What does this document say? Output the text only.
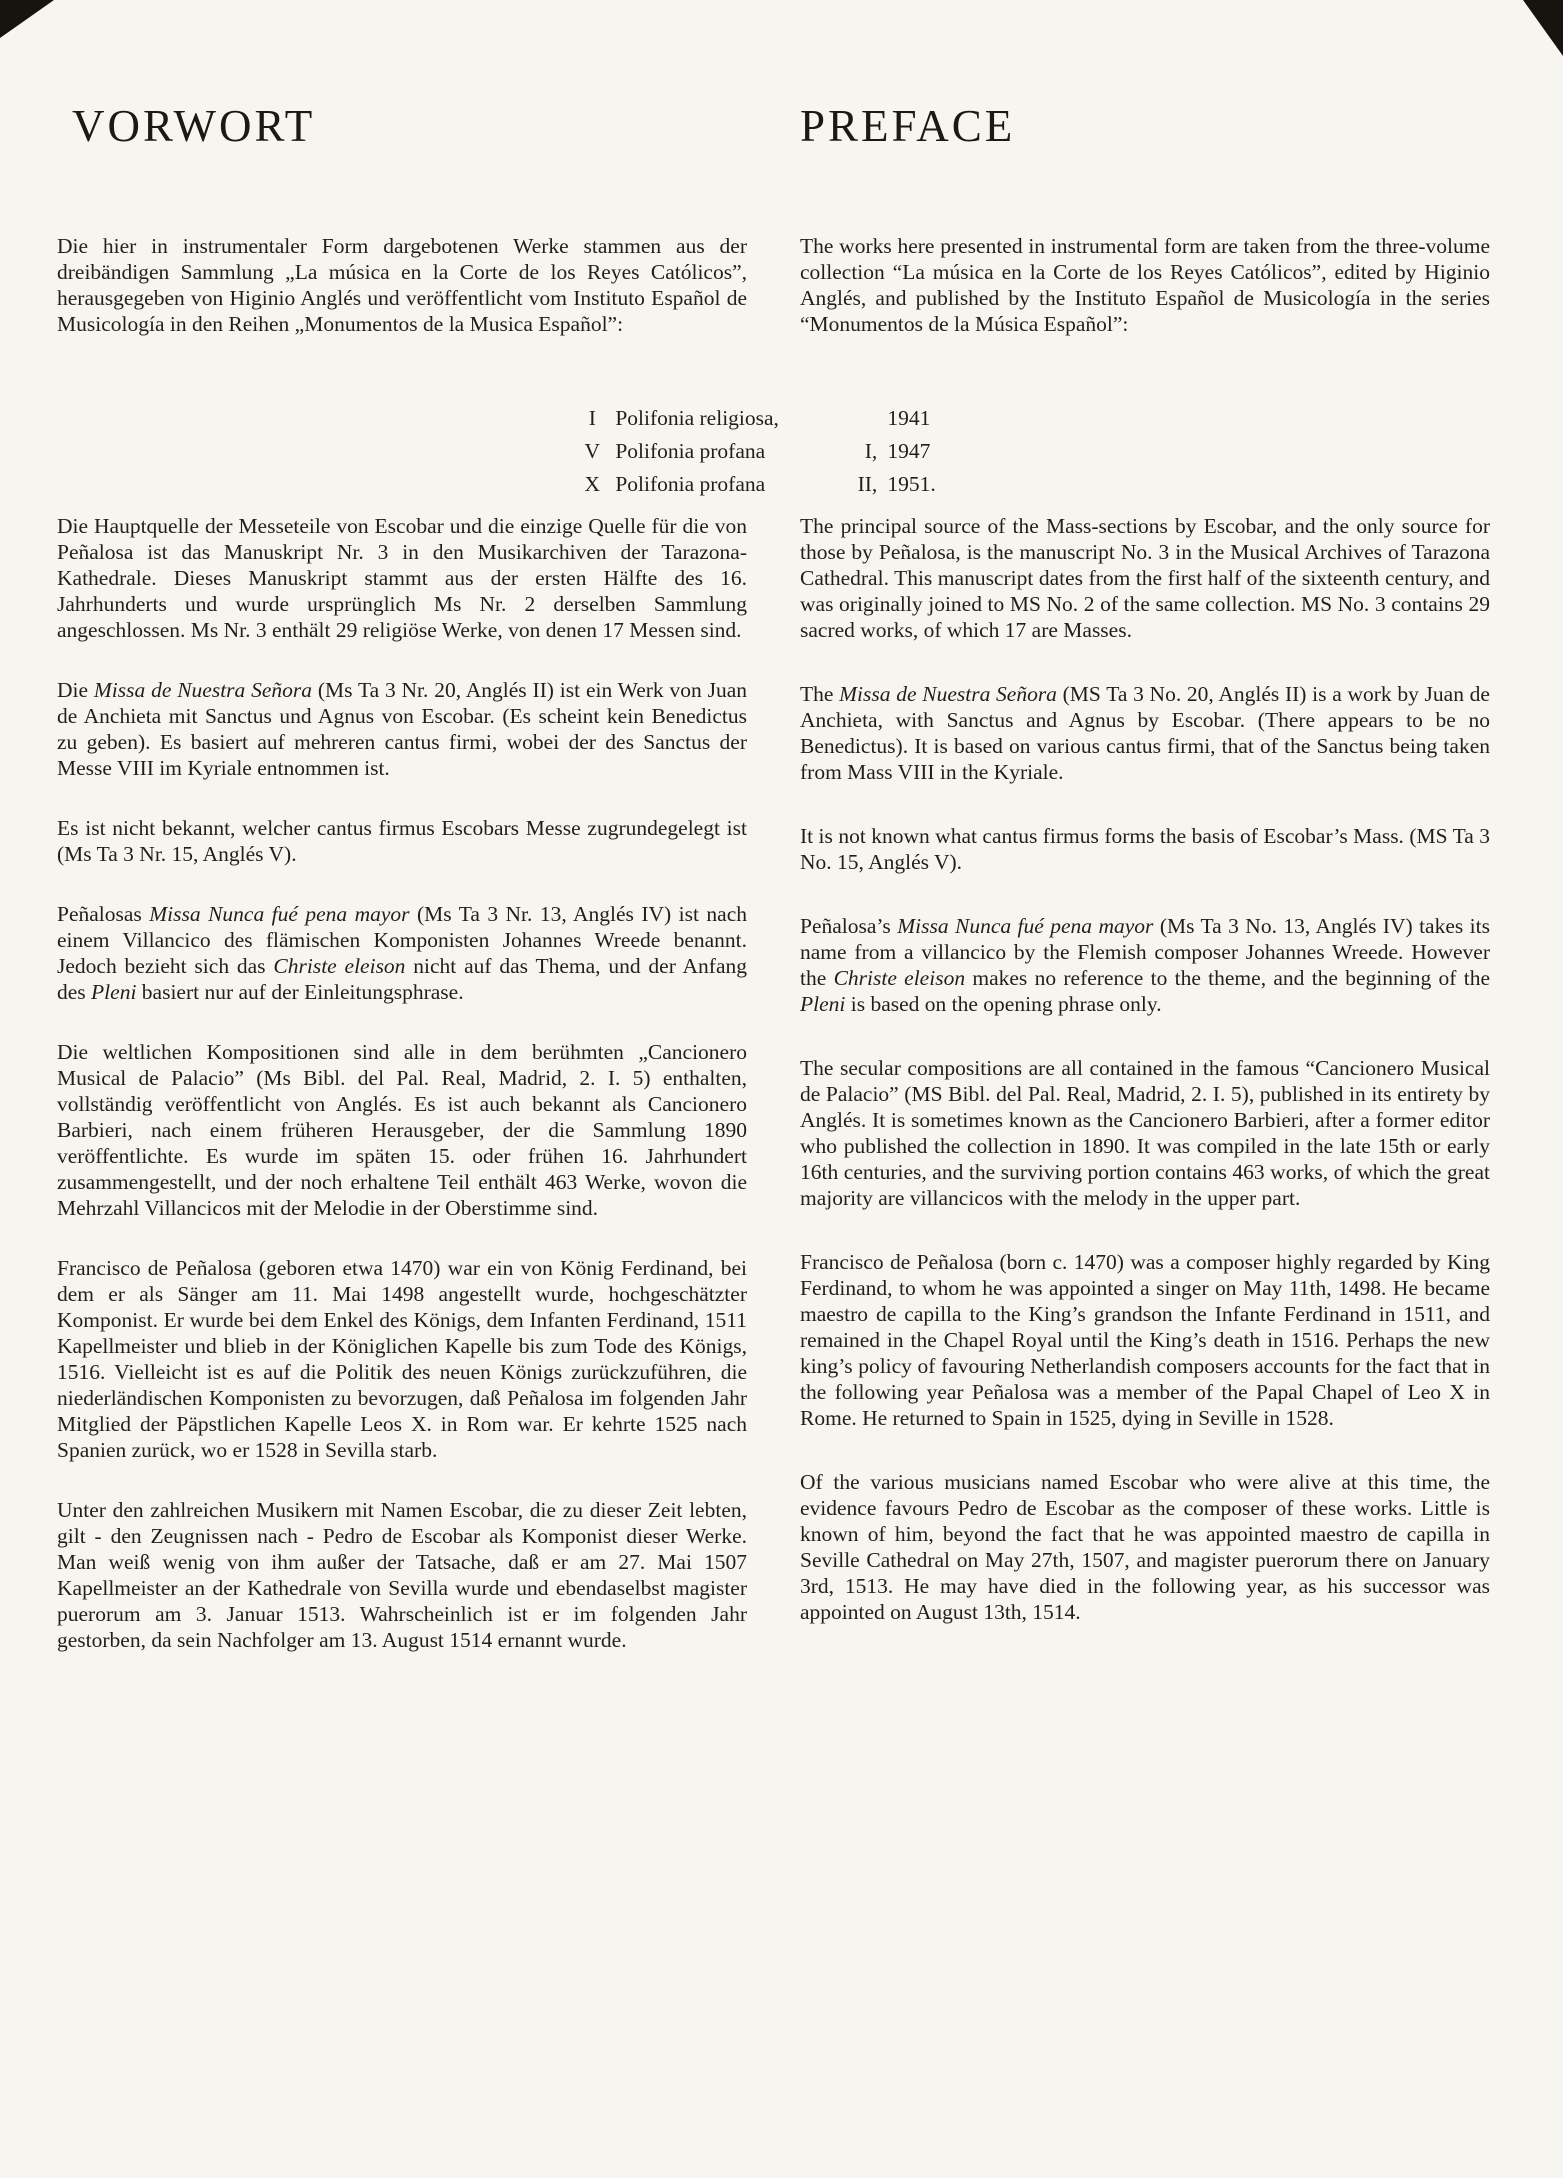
VORWORT	PREFACE

Die hier in instrumentaler Form dargebotenen Werke stammen aus der dreibändigen Sammlung „La música en la Corte de los Reyes Católicos”, herausgegeben von Higinio Anglés und veröffentlicht vom Instituto Español de Musicología in den Reihen „Monumentos de la Musica Español”:

The works here presented in instrumental form are taken from the three-volume collection “La música en la Corte de los Reyes Católicos”, edited by Higinio Anglés, and published by the Instituto Español de Musicología in the series “Monumentos de la Música Español”:

I Polifonia religiosa,	1941
V Polifonia profana	I, 1947
X Polifonia profana	II, 1951.

Die Hauptquelle der Messeteile von Escobar und die einzige Quelle für die von Peñalosa ist das Manuskript Nr. 3 in den Musikarchiven der Tarazona-Kathedrale. Dieses Manuskript stammt aus der ersten Hälfte des 16. Jahrhunderts und wurde ursprünglich Ms Nr. 2 derselben Sammlung angeschlossen. Ms Nr. 3 enthält 29 religiöse Werke, von denen 17 Messen sind.

Die Missa de Nuestra Señora (Ms Ta 3 Nr. 20, Anglés II) ist ein Werk von Juan de Anchieta mit Sanctus und Agnus von Escobar. (Es scheint kein Benedictus zu geben). Es basiert auf mehreren cantus firmi, wobei der des Sanctus der Messe VIII im Kyriale entnommen ist.

Es ist nicht bekannt, welcher cantus firmus Escobars Messe zugrundegelegt ist (Ms Ta 3 Nr. 15, Anglés V).

Peñalosas Missa Nunca fué pena mayor (Ms Ta 3 Nr. 13, Anglés IV) ist nach einem Villancico des flämischen Komponisten Johannes Wreede benannt. Jedoch bezieht sich das Christe eleison nicht auf das Thema, und der Anfang des Pleni basiert nur auf der Einleitungsphrase.

Die weltlichen Kompositionen sind alle in dem berühmten „Cancionero Musical de Palacio” (Ms Bibl. del Pal. Real, Madrid, 2. I. 5) enthalten, vollständig veröffentlicht von Anglés. Es ist auch bekannt als Cancionero Barbieri, nach einem früheren Herausgeber, der die Sammlung 1890 veröffentlichte. Es wurde im späten 15. oder frühen 16. Jahrhundert zusammengestellt, und der noch erhaltene Teil enthält 463 Werke, wovon die Mehrzahl Villancicos mit der Melodie in der Oberstimme sind.

Francisco de Peñalosa (geboren etwa 1470) war ein von König Ferdinand, bei dem er als Sänger am 11. Mai 1498 angestellt wurde, hochgeschätzter Komponist. Er wurde bei dem Enkel des Königs, dem Infanten Ferdinand, 1511 Kapellmeister und blieb in der Königlichen Kapelle bis zum Tode des Königs, 1516. Vielleicht ist es auf die Politik des neuen Königs zurückzuführen, die niederländischen Komponisten zu bevorzugen, daß Peñalosa im folgenden Jahr Mitglied der Päpstlichen Kapelle Leos X. in Rom war. Er kehrte 1525 nach Spanien zurück, wo er 1528 in Sevilla starb.

Unter den zahlreichen Musikern mit Namen Escobar, die zu dieser Zeit lebten, gilt - den Zeugnissen nach - Pedro de Escobar als Komponist dieser Werke. Man weiß wenig von ihm außer der Tatsache, daß er am 27. Mai 1507 Kapellmeister an der Kathedrale von Sevilla wurde und ebendaselbst magister puerorum am 3. Januar 1513. Wahrscheinlich ist er im folgenden Jahr gestorben, da sein Nachfolger am 13. August 1514 ernannt wurde.

The principal source of the Mass-sections by Escobar, and the only source for those by Peñalosa, is the manuscript No. 3 in the Musical Archives of Tarazona Cathedral. This manuscript dates from the first half of the sixteenth century, and was originally joined to MS No. 2 of the same collection. MS No. 3 contains 29 sacred works, of which 17 are Masses.

The Missa de Nuestra Señora (MS Ta 3 No. 20, Anglés II) is a work by Juan de Anchieta, with Sanctus and Agnus by Escobar. (There appears to be no Benedictus). It is based on various cantus firmi, that of the Sanctus being taken from Mass VIII in the Kyriale.

It is not known what cantus firmus forms the basis of Escobar’s Mass. (MS Ta 3 No. 15, Anglés V).

Peñalosa’s Missa Nunca fué pena mayor (Ms Ta 3 No. 13, Anglés IV) takes its name from a villancico by the Flemish composer Johannes Wreede. However the Christe eleison makes no reference to the theme, and the beginning of the Pleni is based on the opening phrase only.

The secular compositions are all contained in the famous “Cancionero Musical de Palacio” (MS Bibl. del Pal. Real, Madrid, 2. I. 5), published in its entirety by Anglés. It is sometimes known as the Cancionero Barbieri, after a former editor who published the collection in 1890. It was compiled in the late 15th or early 16th centuries, and the surviving portion contains 463 works, of which the great majority are villancicos with the melody in the upper part.

Francisco de Peñalosa (born c. 1470) was a composer highly regarded by King Ferdinand, to whom he was appointed a singer on May 11th, 1498. He became maestro de capilla to the King’s grandson the Infante Ferdinand in 1511, and remained in the Chapel Royal until the King’s death in 1516. Perhaps the new king’s policy of favouring Netherlandish composers accounts for the fact that in the following year Peñalosa was a member of the Papal Chapel of Leo X in Rome. He returned to Spain in 1525, dying in Seville in 1528.

Of the various musicians named Escobar who were alive at this time, the evidence favours Pedro de Escobar as the composer of these works. Little is known of him, beyond the fact that he was appointed maestro de capilla in Seville Cathedral on May 27th, 1507, and magister puerorum there on January 3rd, 1513. He may have died in the following year, as his successor was appointed on August 13th, 1514.
